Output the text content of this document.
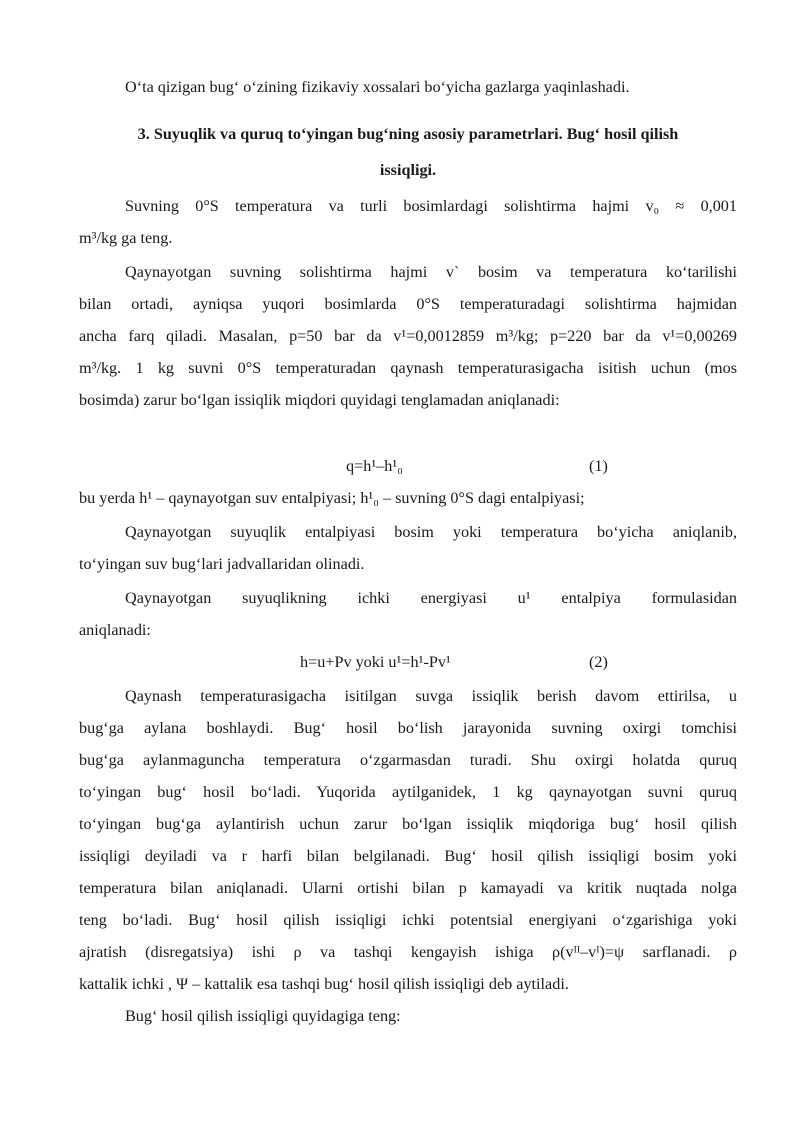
O‘ta qizigan bug‘ o‘zining fizikaviy xossalari bo‘yicha gazlarga yaqinlashadi.
3. Suyuqlik va quruq to‘yingan bug‘ning asosiy parametrlari. Bug‘ hosil qilish
issiqligi.
Suvning 0°S temperatura va turli bosimlardagi solishtirma hajmi v₀ ≈ 0,001
m³/kg ga teng.
Qaynayotgan suvning solishtirma hajmi v` bosim va temperatura ko‘tarilishi
bilan ortadi, ayniqsa yuqori bosimlarda 0°S temperaturadagi solishtirma hajmidan
ancha farq qiladi. Masalan, p=50 bar da v¹=0,0012859 m³/kg; p=220 bar da v¹=0,00269
m³/kg. 1 kg suvni 0°S temperaturadan qaynash temperaturasigacha isitish uchun (mos
bosimda) zarur bo‘lgan issiqlik miqdori quyidagi tenglamadan aniqlanadi:
q=h¹–h¹₀	(1)
bu yerda h¹ – qaynayotgan suv entalpiyasi; h¹₀ – suvning 0°S dagi entalpiyasi;
Qaynayotgan suyuqlik entalpiyasi bosim yoki temperatura bo‘yicha aniqlanib,
to‘yingan suv bug‘lari jadvallaridan olinadi.
Qaynayotgan suyuqlikning ichki energiyasi u¹ entalpiya formulasidan
aniqlanadi:
h=u+Pv yoki u¹=h¹-Pv¹	(2)
Qaynash temperaturasigacha isitilgan suvga issiqlik berish davom ettirilsa, u
bug‘ga aylana boshlaydi. Bug‘ hosil bo‘lish jarayonida suvning oxirgi tomchisi
bug‘ga aylanmaguncha temperatura o‘zgarmasdan turadi. Shu oxirgi holatda quruq
to‘yingan bug‘ hosil bo‘ladi. Yuqorida aytilganidek, 1 kg qaynayotgan suvni quruq
to‘yingan bug‘ga aylantirish uchun zarur bo‘lgan issiqlik miqdoriga bug‘ hosil qilish
issiqligi deyiladi va r harfi bilan belgilanadi. Bug‘ hosil qilish issiqligi bosim yoki
temperatura bilan aniqlanadi. Ularni ortishi bilan p kamayadi va kritik nuqtada nolga
teng bo‘ladi. Bug‘ hosil qilish issiqligi ichki potentsial energiyani o‘zgarishiga yoki
ajratish (disregatsiya) ishi ρ va tashqi kengayish ishiga ρ(vᴵᴵ–vᴵ)=ψ sarflanadi. ρ
kattalik ichki , Ψ – kattalik esa tashqi bug‘ hosil qilish issiqligi deb aytiladi.
Bug‘ hosil qilish issiqligi quyidagiga teng:
